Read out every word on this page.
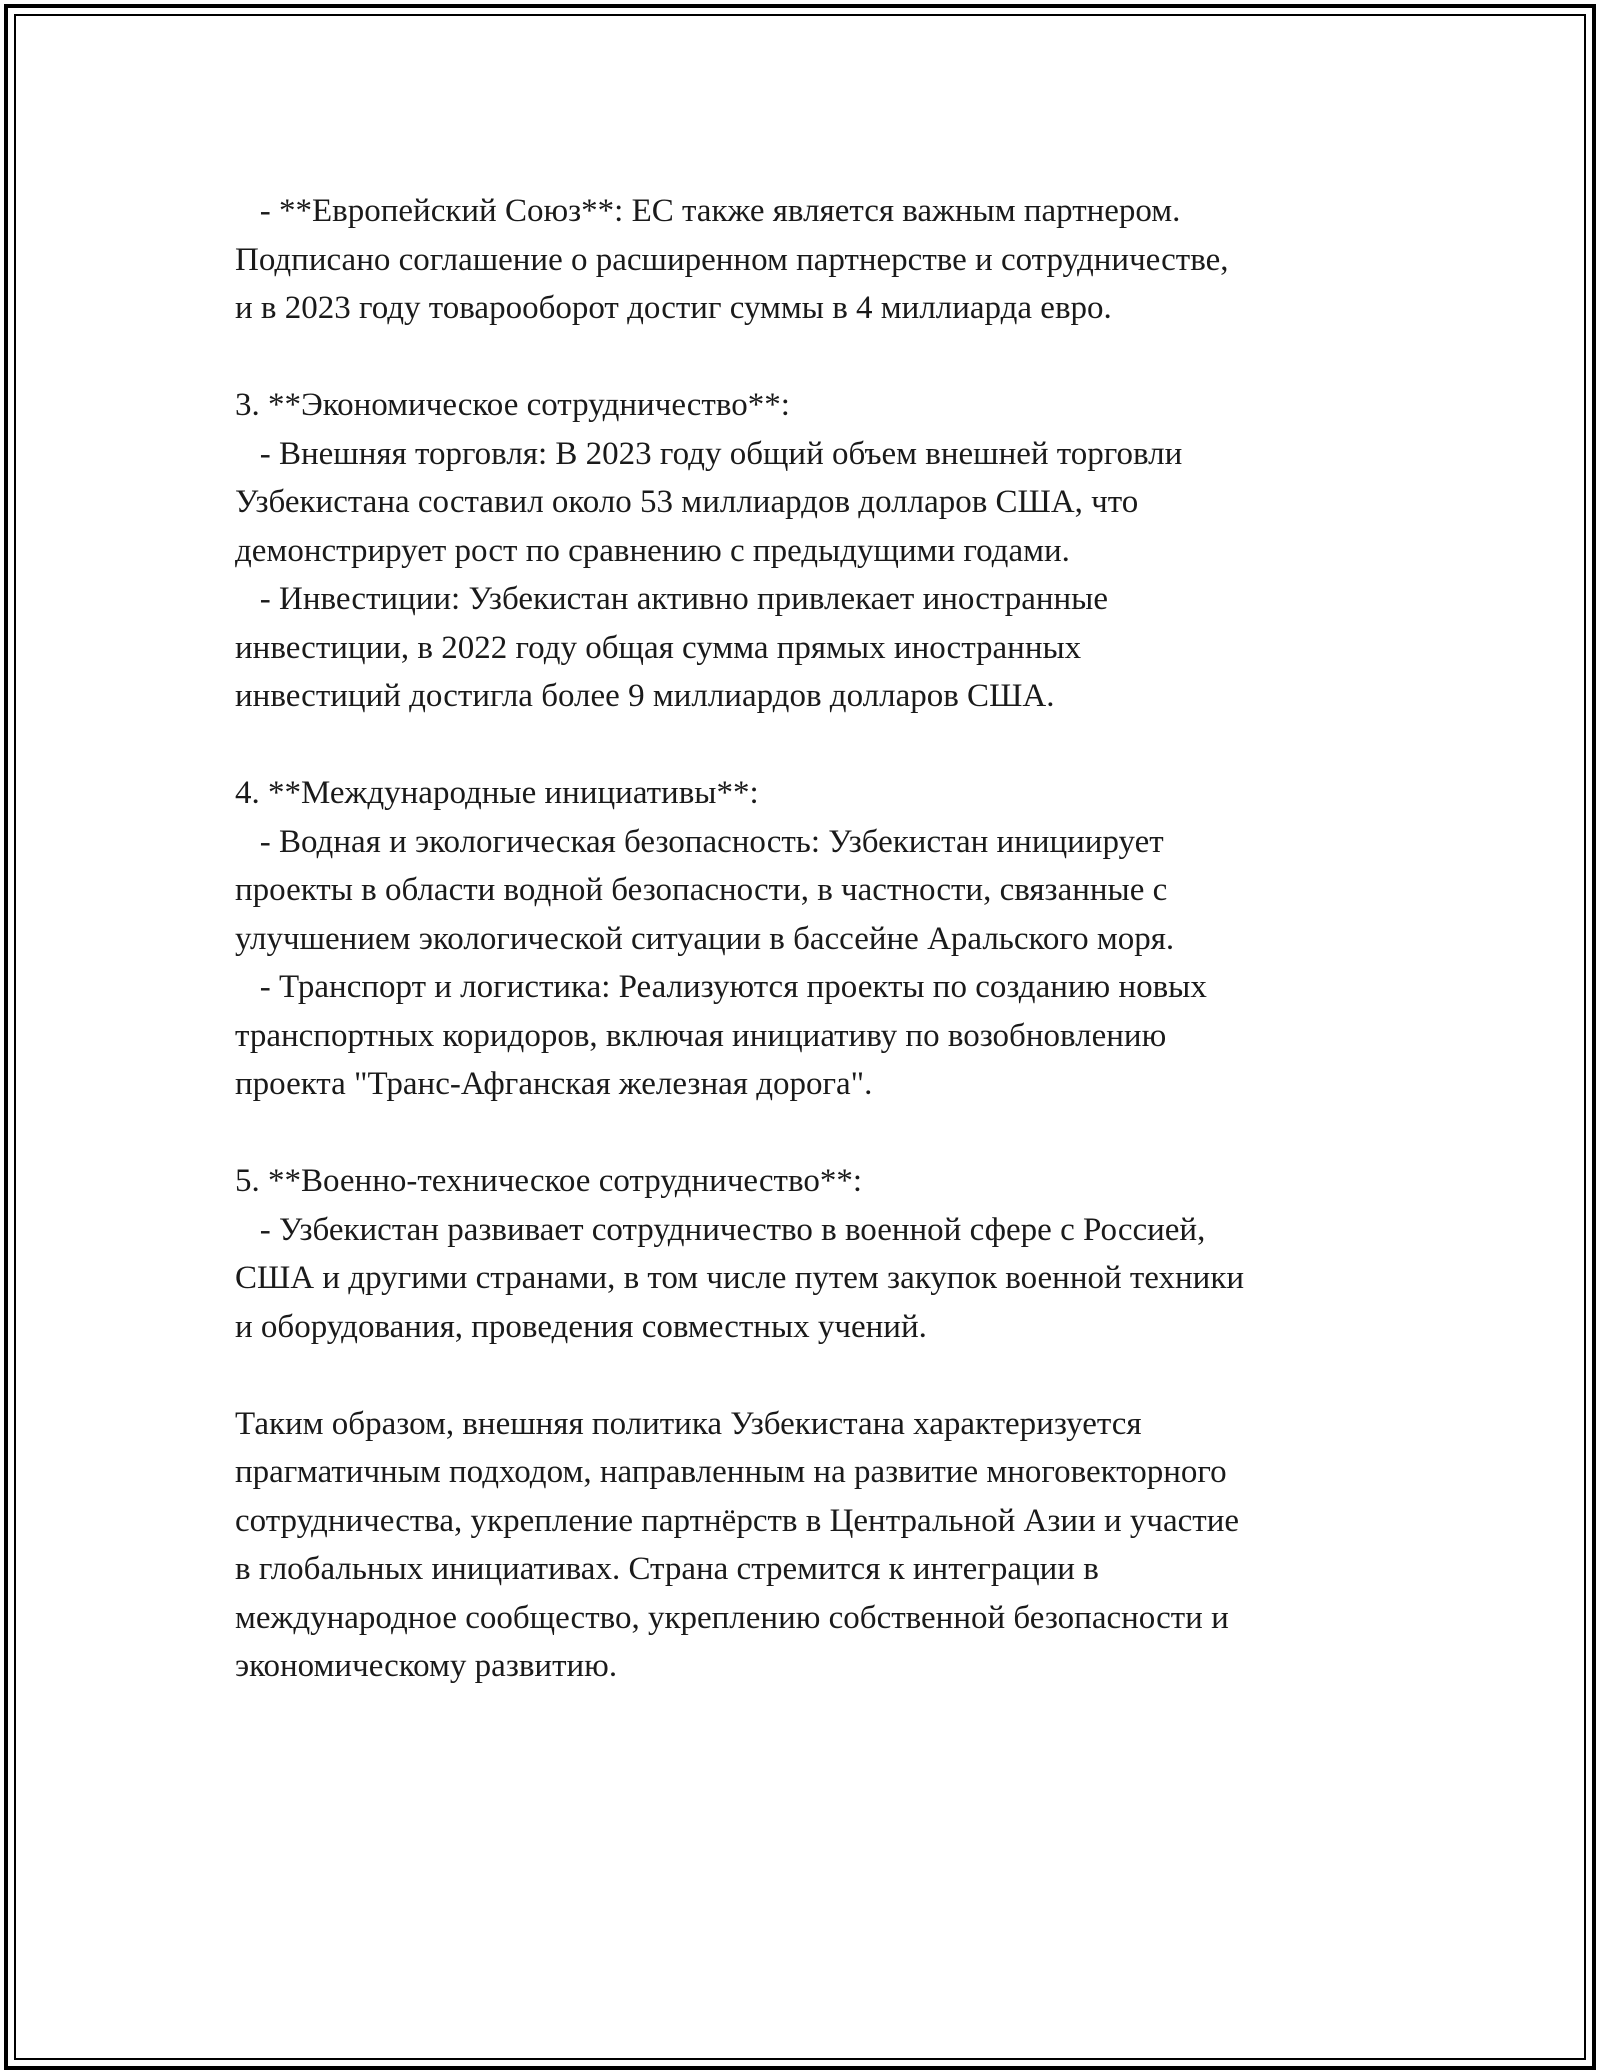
- **Европейский Союз**: ЕС также является важным партнером.
Подписано соглашение о расширенном партнерстве и сотрудничестве,
и в 2023 году товарооборот достиг суммы в 4 миллиарда евро.
3. **Экономическое сотрудничество**:
- Внешняя торговля: В 2023 году общий объем внешней торговли
Узбекистана составил около 53 миллиардов долларов США, что
демонстрирует рост по сравнению с предыдущими годами.
- Инвестиции: Узбекистан активно привлекает иностранные
инвестиции, в 2022 году общая сумма прямых иностранных
инвестиций достигла более 9 миллиардов долларов США.
4. **Международные инициативы**:
- Водная и экологическая безопасность: Узбекистан инициирует
проекты в области водной безопасности, в частности, связанные с
улучшением экологической ситуации в бассейне Аральского моря.
- Транспорт и логистика: Реализуются проекты по созданию новых
транспортных коридоров, включая инициативу по возобновлению
проекта "Транс-Афганская железная дорога".
5. **Военно-техническое сотрудничество**:
- Узбекистан развивает сотрудничество в военной сфере с Россией,
США и другими странами, в том числе путем закупок военной техники
и оборудования, проведения совместных учений.
Таким образом, внешняя политика Узбекистана характеризуется
прагматичным подходом, направленным на развитие многовекторного
сотрудничества, укрепление партнёрств в Центральной Азии и участие
в глобальных инициативах. Страна стремится к интеграции в
международное сообщество, укреплению собственной безопасности и
экономическому развитию.
